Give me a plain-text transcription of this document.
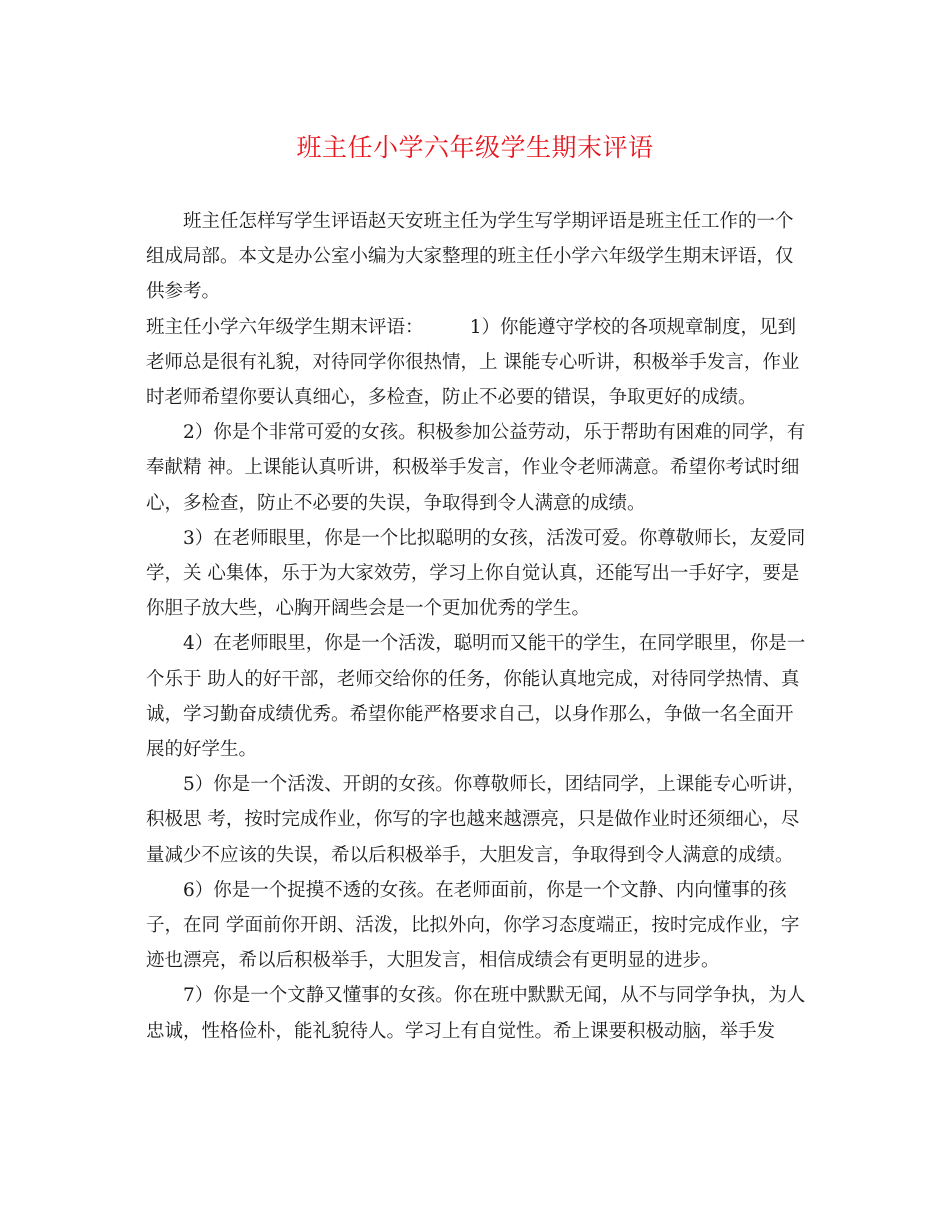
班主任小学六年级学生期末评语

班主任怎样写学生评语赵天安班主任为学生写学期评语是班主任工作的一个组成局部。本文是办公室小编为大家整理的班主任小学六年级学生期末评语，仅供参考。

班主任小学六年级学生期末评语：　　　1）你能遵守学校的各项规章制度，见到老师总是很有礼貌，对待同学你很热情，上 课能专心听讲，积极举手发言，作业时老师希望你要认真细心，多检查，防止不必要的错误，争取更好的成绩。

2）你是个非常可爱的女孩。积极参加公益劳动，乐于帮助有困难的同学，有奉献精 神。上课能认真听讲，积极举手发言，作业令老师满意。希望你考试时细心，多检查，防止不必要的失误，争取得到令人满意的成绩。

3）在老师眼里，你是一个比拟聪明的女孩，活泼可爱。你尊敬师长，友爱同学，关 心集体，乐于为大家效劳，学习上你自觉认真，还能写出一手好字，要是你胆子放大些，心胸开阔些会是一个更加优秀的学生。

4）在老师眼里，你是一个活泼，聪明而又能干的学生，在同学眼里，你是一个乐于 助人的好干部，老师交给你的任务，你能认真地完成，对待同学热情、真诚，学习勤奋成绩优秀。希望你能严格要求自己，以身作那么，争做一名全面开展的好学生。

5）你是一个活泼、开朗的女孩。你尊敬师长，团结同学，上课能专心听讲，积极思 考，按时完成作业，你写的字也越来越漂亮，只是做作业时还须细心，尽量减少不应该的失误，希以后积极举手，大胆发言，争取得到令人满意的成绩。

6）你是一个捉摸不透的女孩。在老师面前，你是一个文静、内向懂事的孩子，在同 学面前你开朗、活泼，比拟外向，你学习态度端正，按时完成作业，字迹也漂亮，希以后积极举手，大胆发言，相信成绩会有更明显的进步。

7）你是一个文静又懂事的女孩。你在班中默默无闻，从不与同学争执，为人忠诚，性格俭朴，能礼貌待人。学习上有自觉性。希上课要积极动脑，举手发
